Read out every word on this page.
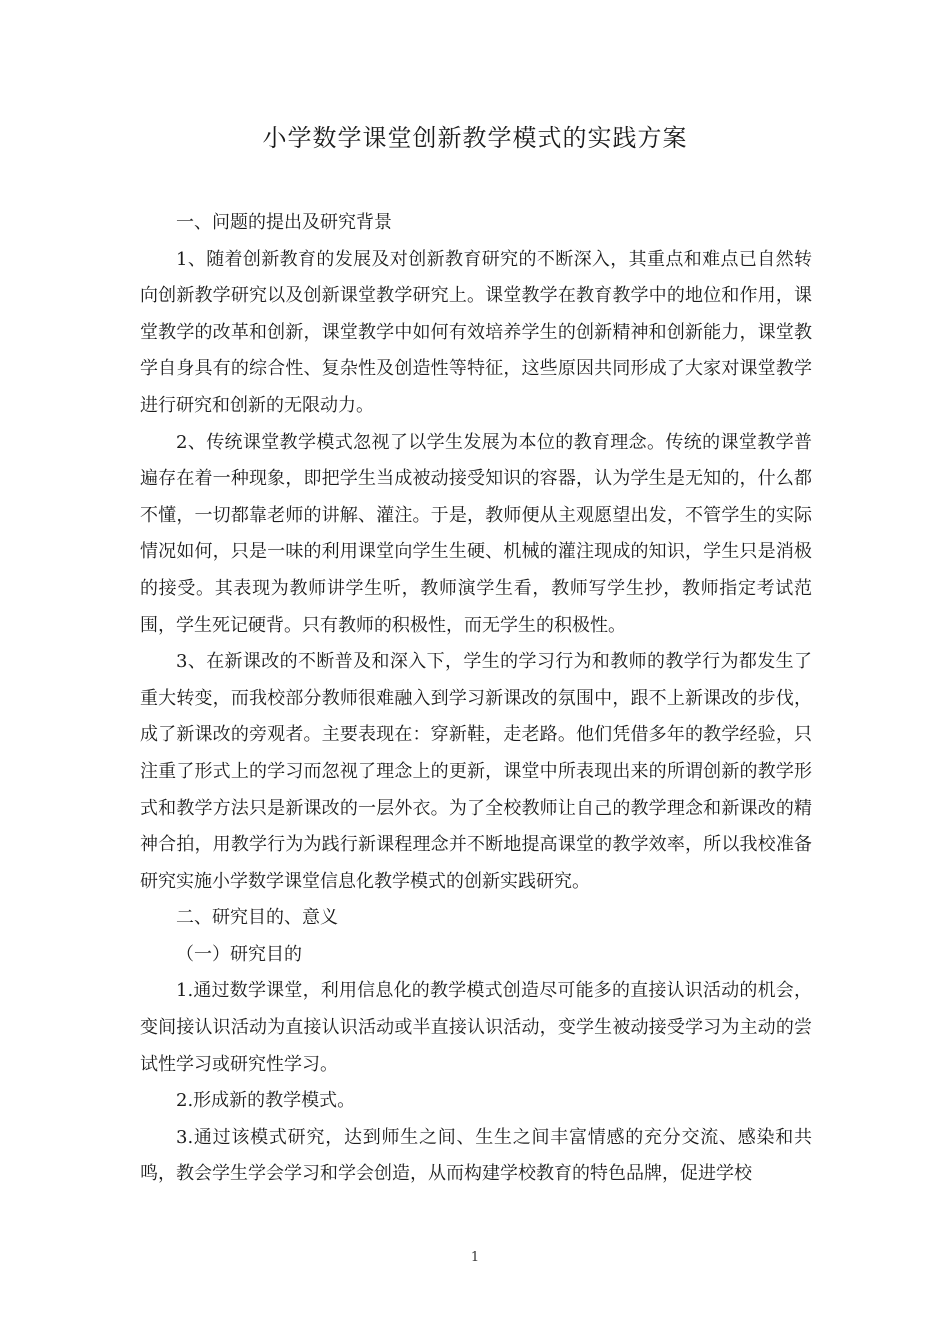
小学数学课堂创新教学模式的实践方案

一、问题的提出及研究背景

1、随着创新教育的发展及对创新教育研究的不断深入，其重点和难点已自然转向创新教学研究以及创新课堂教学研究上。课堂教学在教育教学中的地位和作用，课堂教学的改革和创新，课堂教学中如何有效培养学生的创新精神和创新能力，课堂教学自身具有的综合性、复杂性及创造性等特征，这些原因共同形成了大家对课堂教学进行研究和创新的无限动力。

2、传统课堂教学模式忽视了以学生发展为本位的教育理念。传统的课堂教学普遍存在着一种现象，即把学生当成被动接受知识的容器，认为学生是无知的，什么都不懂，一切都靠老师的讲解、灌注。于是，教师便从主观愿望出发，不管学生的实际情况如何，只是一味的利用课堂向学生生硬、机械的灌注现成的知识，学生只是消极的接受。其表现为教师讲学生听，教师演学生看，教师写学生抄，教师指定考试范围，学生死记硬背。只有教师的积极性，而无学生的积极性。

3、在新课改的不断普及和深入下，学生的学习行为和教师的教学行为都发生了重大转变，而我校部分教师很难融入到学习新课改的氛围中，跟不上新课改的步伐，成了新课改的旁观者。主要表现在：穿新鞋，走老路。他们凭借多年的教学经验，只注重了形式上的学习而忽视了理念上的更新，课堂中所表现出来的所谓创新的教学形式和教学方法只是新课改的一层外衣。为了全校教师让自己的教学理念和新课改的精神合拍，用教学行为为践行新课程理念并不断地提高课堂的教学效率，所以我校准备研究实施小学数学课堂信息化教学模式的创新实践研究。

二、研究目的、意义

（一）研究目的

1.通过数学课堂，利用信息化的教学模式创造尽可能多的直接认识活动的机会，变间接认识活动为直接认识活动或半直接认识活动，变学生被动接受学习为主动的尝试性学习或研究性学习。

2.形成新的教学模式。

3.通过该模式研究，达到师生之间、生生之间丰富情感的充分交流、感染和共鸣，教会学生学会学习和学会创造，从而构建学校教育的特色品牌，促进学校

1
